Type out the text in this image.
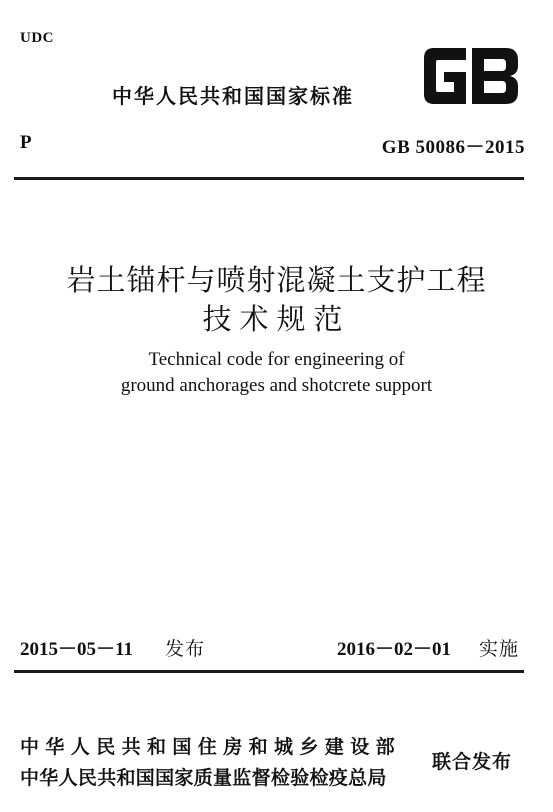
UDC
中华人民共和国国家标准
P	GB 50086－2015
岩土锚杆与喷射混凝土支护工程
技术规范
Technical code for engineering of
ground anchorages and shotcrete support
2015－05－11 发布	2016－02－01 实施
中华人民共和国住房和城乡建设部
中华人民共和国国家质量监督检验检疫总局
联合发布
